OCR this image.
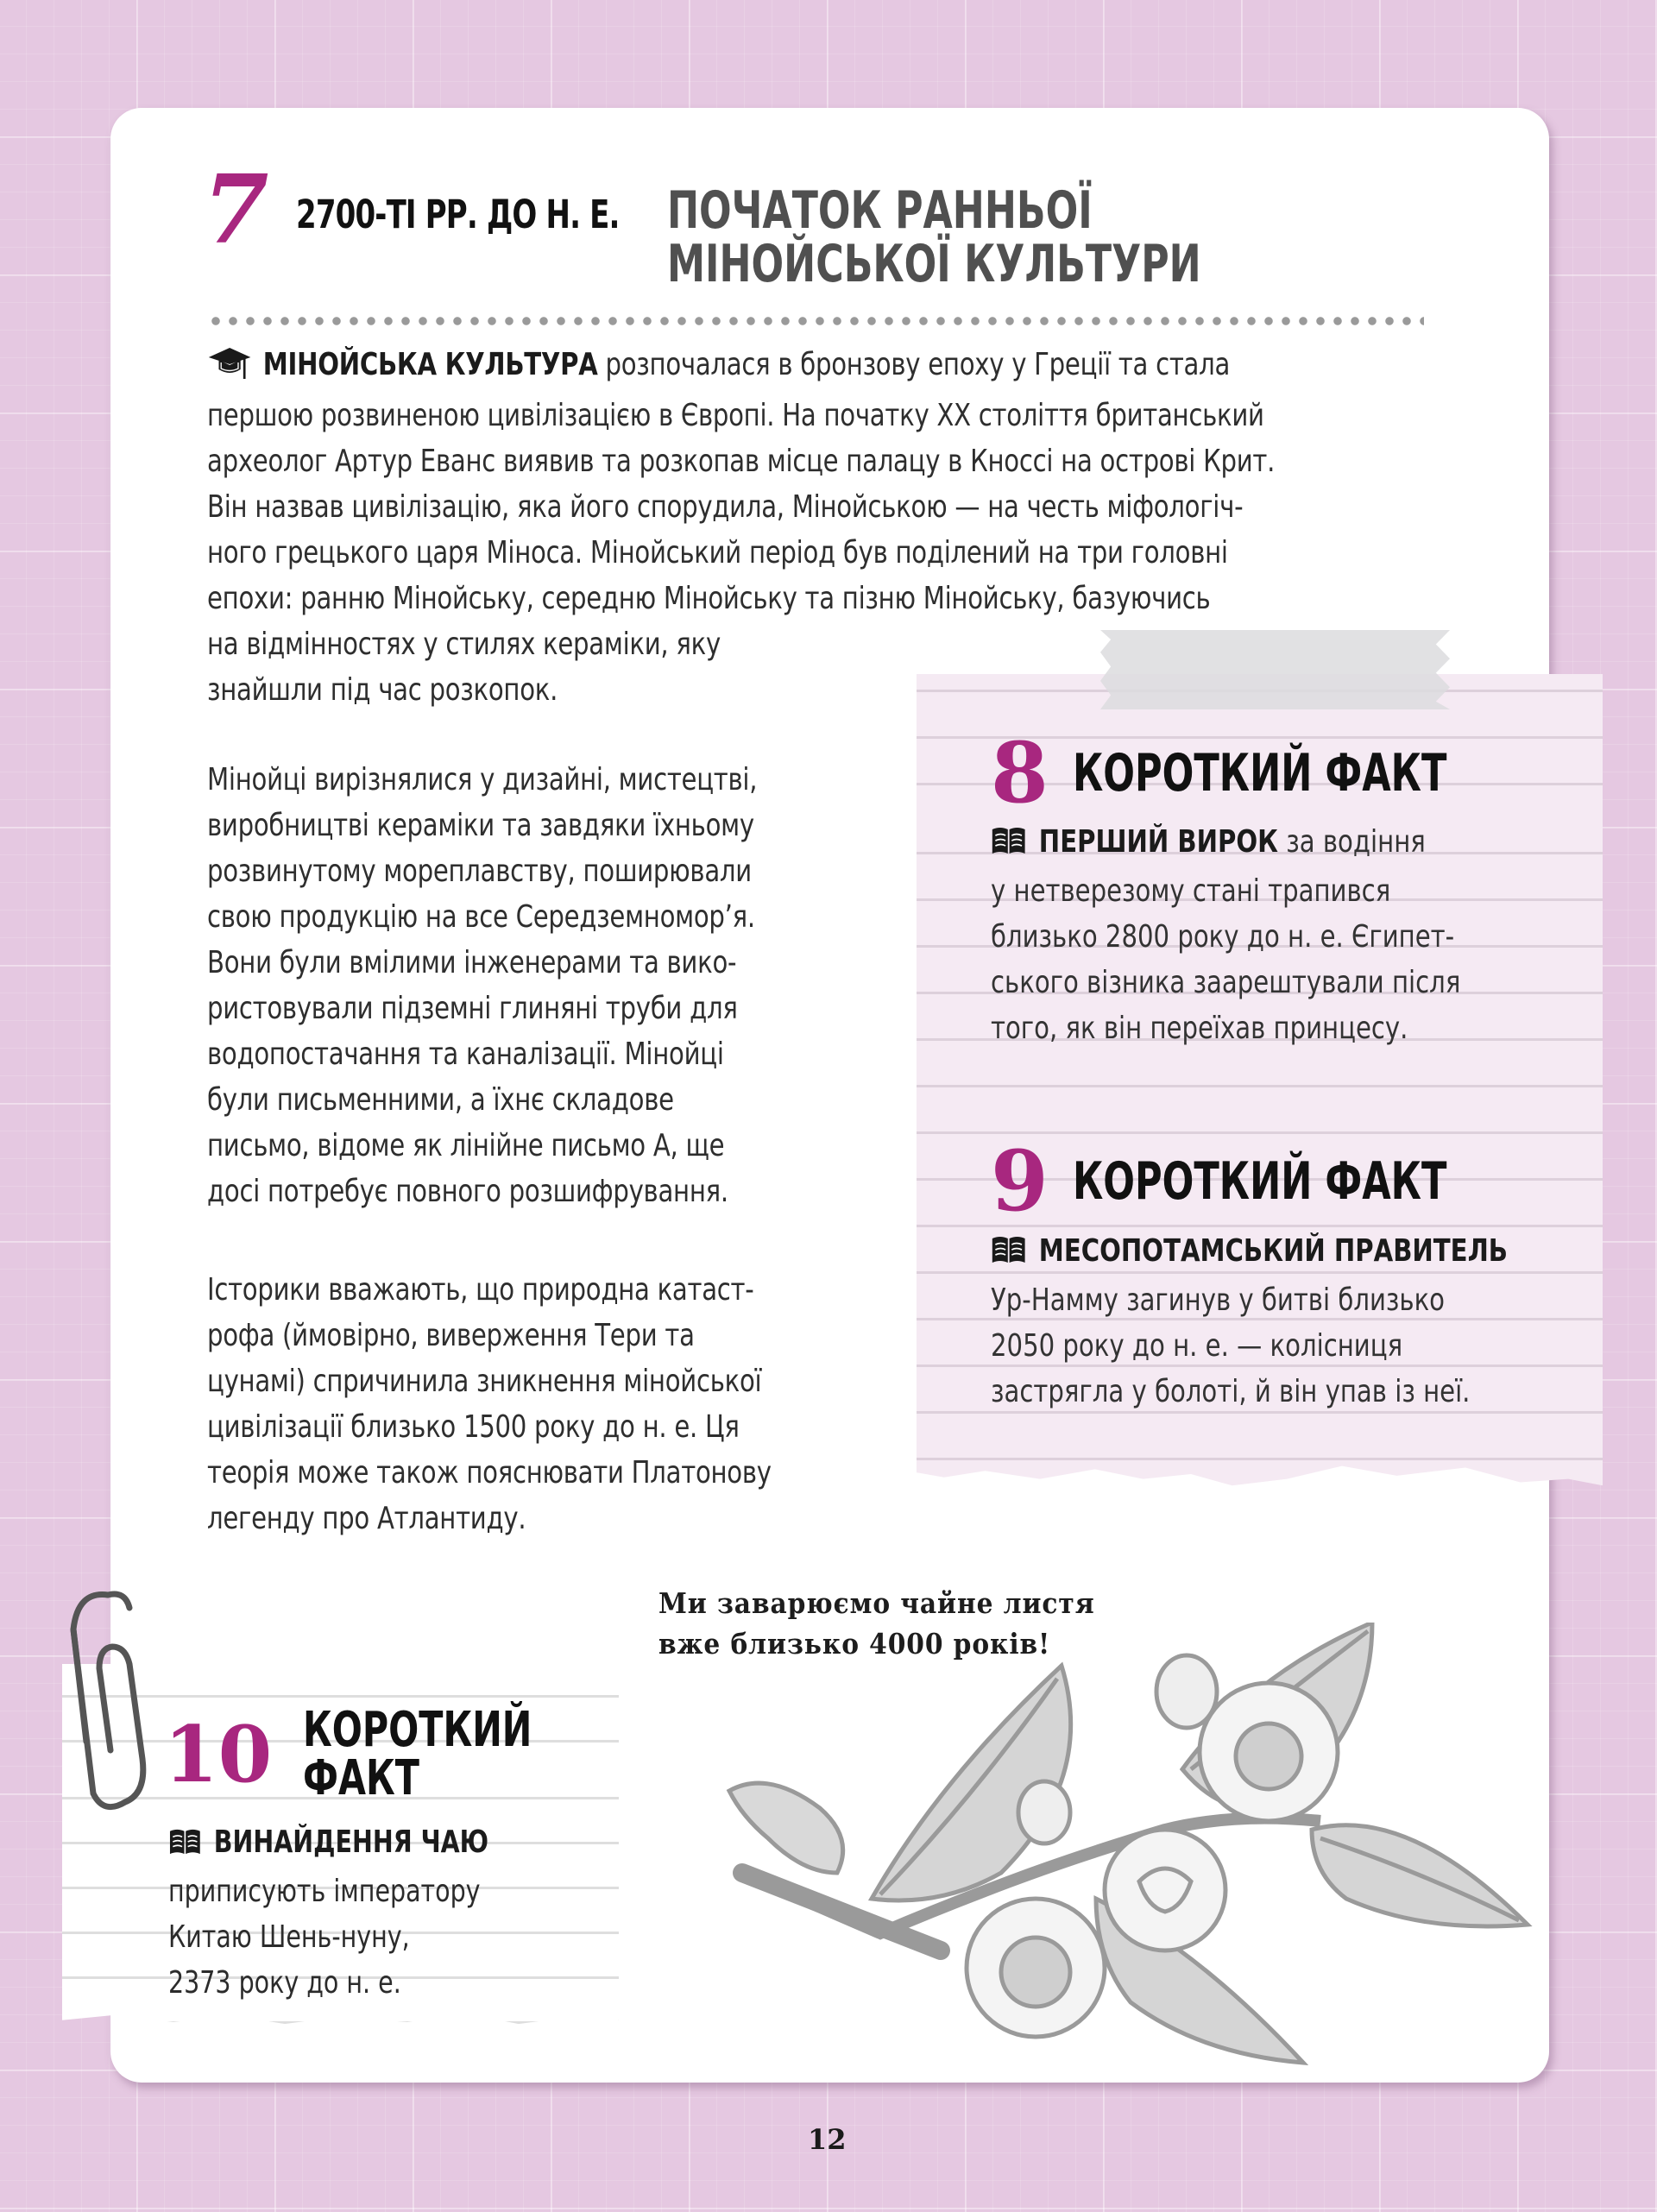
7 2700-ТІ РР. ДО Н. Е. ПОЧАТОК РАННЬОЇ
МІНОЙСЬКОЇ КУЛЬТУРИ
МІНОЙСЬКА КУЛЬТУРА розпочалася в бронзову епоху у Греції та стала
першою розвиненою цивілізацією в Європі. На початку XX століття британський
археолог Артур Еванс виявив та розкопав місце палацу в Кноссі на острові Крит.
Він назвав цивілізацію, яка його спорудила, Мінойською — на честь міфологіч-
ного грецького царя Міноса. Мінойський період був поділений на три головні
епохи: ранню Мінойську, середню Мінойську та пізню Мінойську, базуючись
на відмінностях у стилях кераміки, яку
знайшли під час розкопок.
Мінойці вирізнялися у дизайні, мистецтві,
виробництві кераміки та завдяки їхньому
розвинутому мореплавству, поширювали
свою продукцію на все Середземномор’я.
Вони були вмілими інженерами та вико-
ристовували підземні глиняні труби для
водопостачання та каналізації. Мінойці
були письменними, а їхнє складове
письмо, відоме як лінійне письмо А, ще
досі потребує повного розшифрування.
Історики вважають, що природна катаст-
рофа (ймовірно, виверження Тери та
цунамі) спричинила зникнення мінойської
цивілізації близько 1500 року до н. е. Ця
теорія може також пояснювати Платонову
легенду про Атлантиду.
8 КОРОТКИЙ ФАКТ
ПЕРШИЙ ВИРОК за водіння
у нетверезому стані трапився
близько 2800 року до н. е. Єгипет-
ського візника заарештували після
того, як він переїхав принцесу.
9 КОРОТКИЙ ФАКТ
МЕСОПОТАМСЬКИЙ ПРАВИТЕЛЬ
Ур-Намму загинув у битві близько
2050 року до н. е. — колісниця
застрягла у болоті, й він упав із неї.
Ми заварюємо чайне листя
вже близько 4000 років!
10 КОРОТКИЙ
ФАКТ
ВИНАЙДЕННЯ ЧАЮ
приписують імператору
Китаю Шень-нуну,
2373 року до н. е.
12
